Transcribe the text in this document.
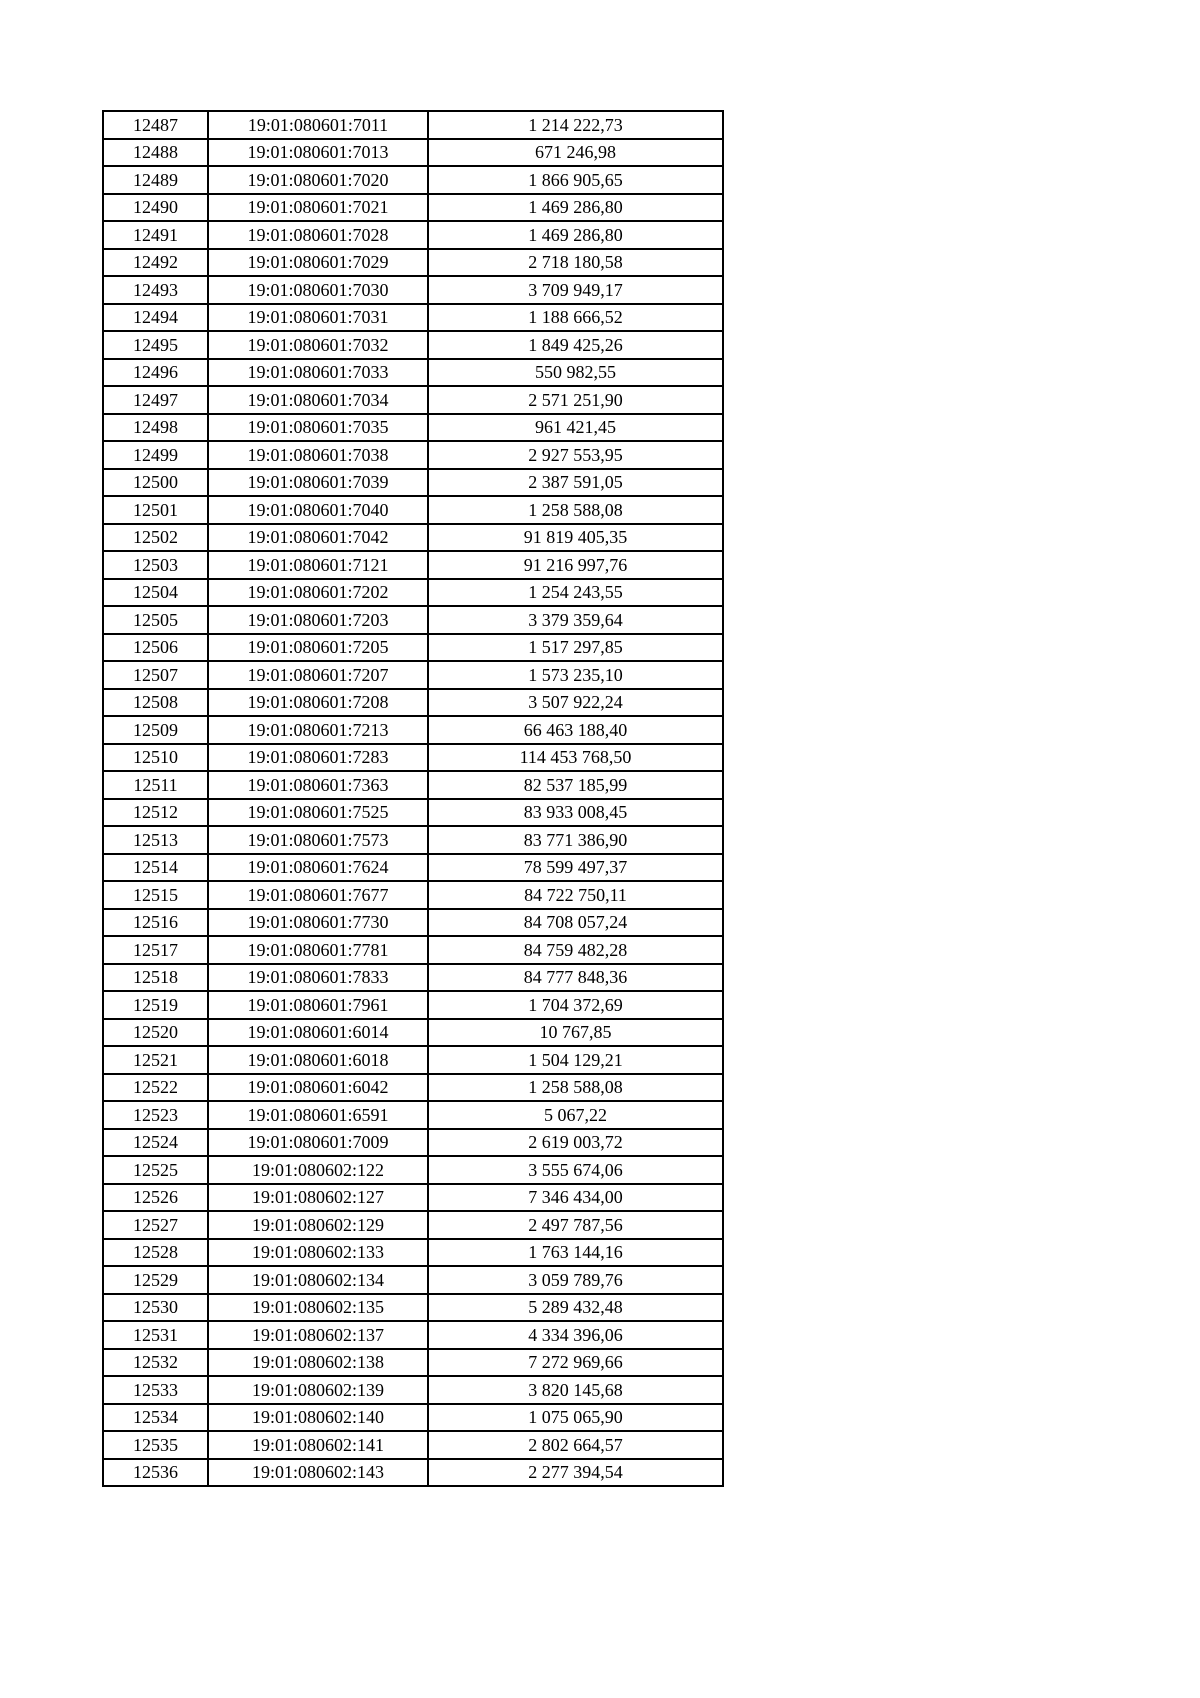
12487	19:01:080601:7011	1 214 222,73
12488	19:01:080601:7013	671 246,98
12489	19:01:080601:7020	1 866 905,65
12490	19:01:080601:7021	1 469 286,80
12491	19:01:080601:7028	1 469 286,80
12492	19:01:080601:7029	2 718 180,58
12493	19:01:080601:7030	3 709 949,17
12494	19:01:080601:7031	1 188 666,52
12495	19:01:080601:7032	1 849 425,26
12496	19:01:080601:7033	550 982,55
12497	19:01:080601:7034	2 571 251,90
12498	19:01:080601:7035	961 421,45
12499	19:01:080601:7038	2 927 553,95
12500	19:01:080601:7039	2 387 591,05
12501	19:01:080601:7040	1 258 588,08
12502	19:01:080601:7042	91 819 405,35
12503	19:01:080601:7121	91 216 997,76
12504	19:01:080601:7202	1 254 243,55
12505	19:01:080601:7203	3 379 359,64
12506	19:01:080601:7205	1 517 297,85
12507	19:01:080601:7207	1 573 235,10
12508	19:01:080601:7208	3 507 922,24
12509	19:01:080601:7213	66 463 188,40
12510	19:01:080601:7283	114 453 768,50
12511	19:01:080601:7363	82 537 185,99
12512	19:01:080601:7525	83 933 008,45
12513	19:01:080601:7573	83 771 386,90
12514	19:01:080601:7624	78 599 497,37
12515	19:01:080601:7677	84 722 750,11
12516	19:01:080601:7730	84 708 057,24
12517	19:01:080601:7781	84 759 482,28
12518	19:01:080601:7833	84 777 848,36
12519	19:01:080601:7961	1 704 372,69
12520	19:01:080601:6014	10 767,85
12521	19:01:080601:6018	1 504 129,21
12522	19:01:080601:6042	1 258 588,08
12523	19:01:080601:6591	5 067,22
12524	19:01:080601:7009	2 619 003,72
12525	19:01:080602:122	3 555 674,06
12526	19:01:080602:127	7 346 434,00
12527	19:01:080602:129	2 497 787,56
12528	19:01:080602:133	1 763 144,16
12529	19:01:080602:134	3 059 789,76
12530	19:01:080602:135	5 289 432,48
12531	19:01:080602:137	4 334 396,06
12532	19:01:080602:138	7 272 969,66
12533	19:01:080602:139	3 820 145,68
12534	19:01:080602:140	1 075 065,90
12535	19:01:080602:141	2 802 664,57
12536	19:01:080602:143	2 277 394,54
